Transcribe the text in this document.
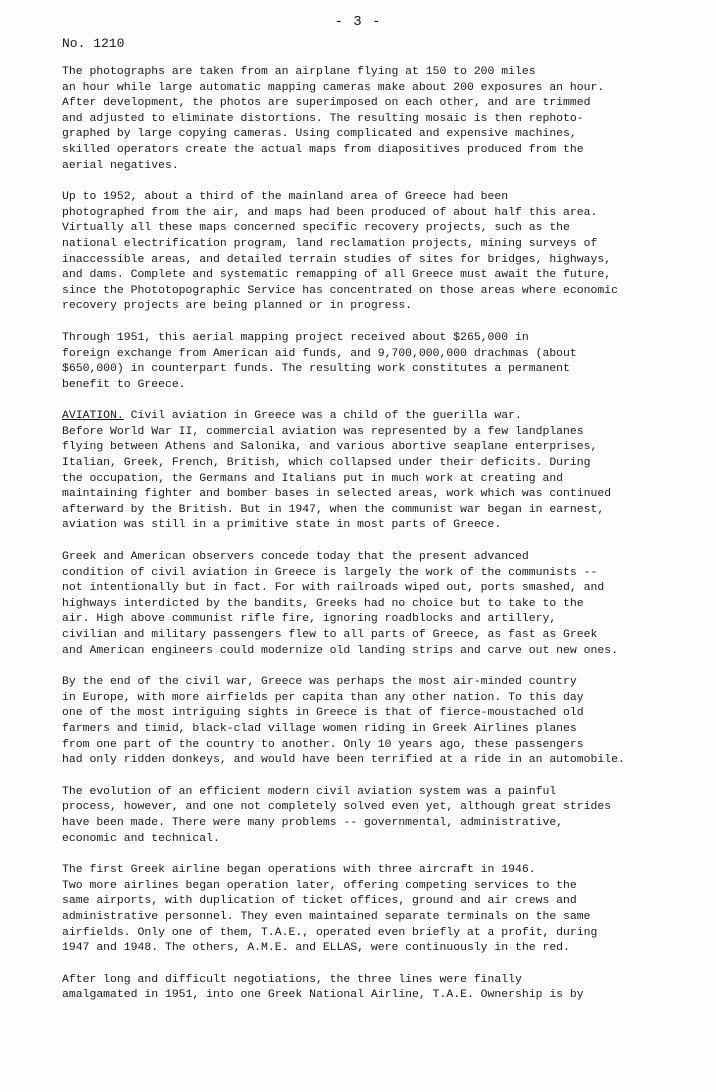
- 3 -
No. 1210

The photographs are taken from an airplane flying at 150 to 200 miles
an hour while large automatic mapping cameras make about 200 exposures an hour.
After development, the photos are superimposed on each other, and are trimmed
and adjusted to eliminate distortions. The resulting mosaic is then rephoto-
graphed by large copying cameras. Using complicated and expensive machines,
skilled operators create the actual maps from diapositives produced from the
aerial negatives.

Up to 1952, about a third of the mainland area of Greece had been
photographed from the air, and maps had been produced of about half this area.
Virtually all these maps concerned specific recovery projects, such as the
national electrification program, land reclamation projects, mining surveys of
inaccessible areas, and detailed terrain studies of sites for bridges, highways,
and dams. Complete and systematic remapping of all Greece must await the future,
since the Phototopographic Service has concentrated on those areas where economic
recovery projects are being planned or in progress.

Through 1951, this aerial mapping project received about $265,000 in
foreign exchange from American aid funds, and 9,700,000,000 drachmas (about
$650,000) in counterpart funds. The resulting work constitutes a permanent
benefit to Greece.

AVIATION. Civil aviation in Greece was a child of the guerilla war.
Before World War II, commercial aviation was represented by a few landplanes
flying between Athens and Salonika, and various abortive seaplane enterprises,
Italian, Greek, French, British, which collapsed under their deficits. During
the occupation, the Germans and Italians put in much work at creating and
maintaining fighter and bomber bases in selected areas, work which was continued
afterward by the British. But in 1947, when the communist war began in earnest,
aviation was still in a primitive state in most parts of Greece.

Greek and American observers concede today that the present advanced
condition of civil aviation in Greece is largely the work of the communists --
not intentionally but in fact. For with railroads wiped out, ports smashed, and
highways interdicted by the bandits, Greeks had no choice but to take to the
air. High above communist rifle fire, ignoring roadblocks and artillery,
civilian and military passengers flew to all parts of Greece, as fast as Greek
and American engineers could modernize old landing strips and carve out new ones.

By the end of the civil war, Greece was perhaps the most air-minded country
in Europe, with more airfields per capita than any other nation. To this day
one of the most intriguing sights in Greece is that of fierce-moustached old
farmers and timid, black-clad village women riding in Greek Airlines planes
from one part of the country to another. Only 10 years ago, these passengers
had only ridden donkeys, and would have been terrified at a ride in an automobile.

The evolution of an efficient modern civil aviation system was a painful
process, however, and one not completely solved even yet, although great strides
have been made. There were many problems -- governmental, administrative,
economic and technical.

The first Greek airline began operations with three aircraft in 1946.
Two more airlines began operation later, offering competing services to the
same airports, with duplication of ticket offices, ground and air crews and
administrative personnel. They even maintained separate terminals on the same
airfields. Only one of them, T.A.E., operated even briefly at a profit, during
1947 and 1948. The others, A.M.E. and ELLAS, were continuously in the red.

After long and difficult negotiations, the three lines were finally
amalgamated in 1951, into one Greek National Airline, T.A.E. Ownership is by
